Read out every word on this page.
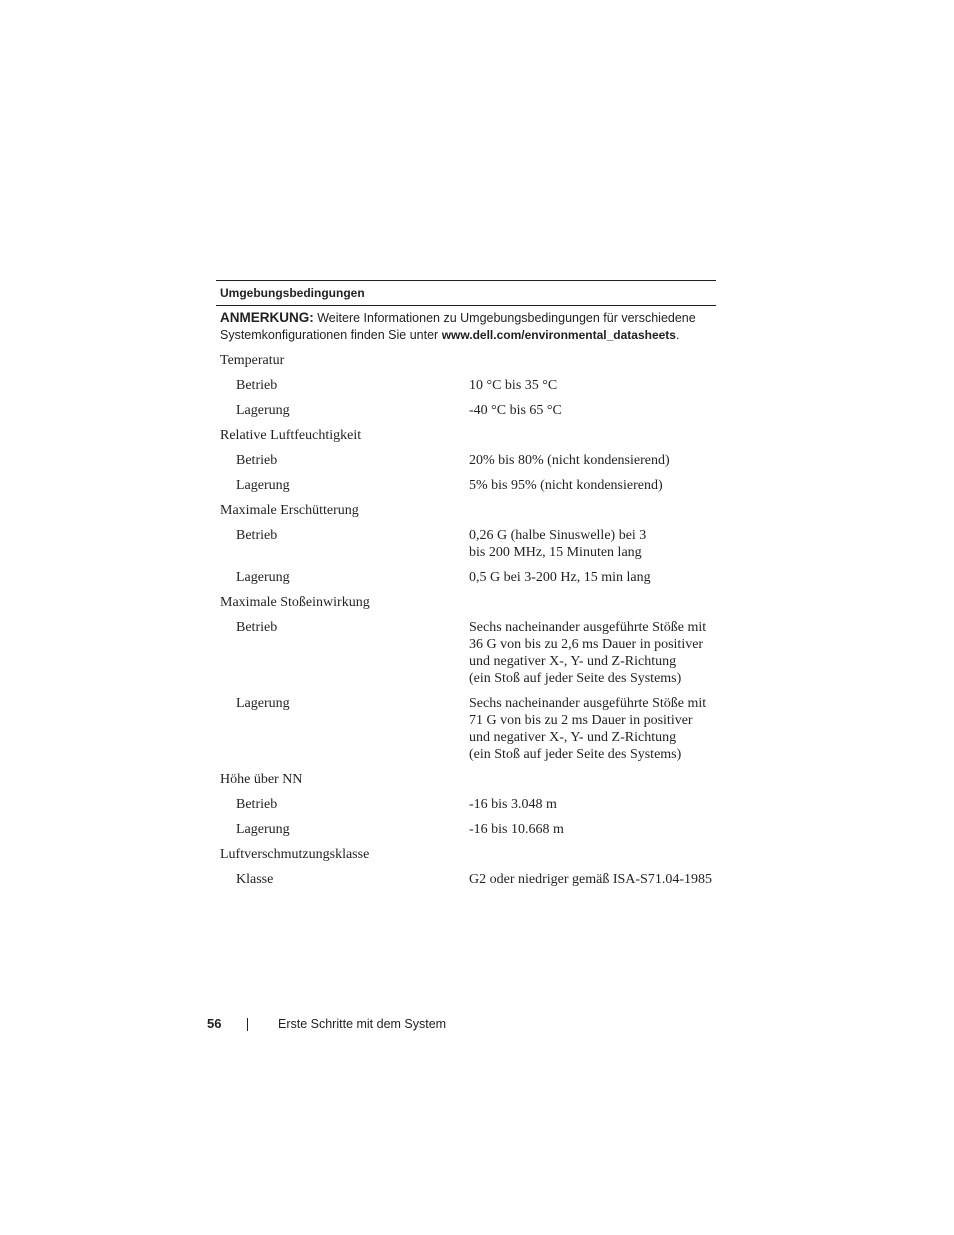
Umgebungsbedingungen
ANMERKUNG: Weitere Informationen zu Umgebungsbedingungen für verschiedene Systemkonfigurationen finden Sie unter www.dell.com/environmental_datasheets.
Temperatur
Betrieb	10 °C bis 35 °C
Lagerung	-40 °C bis 65 °C
Relative Luftfeuchtigkeit
Betrieb	20% bis 80% (nicht kondensierend)
Lagerung	5% bis 95% (nicht kondensierend)
Maximale Erschütterung
Betrieb	0,26 G (halbe Sinuswelle) bei 3
bis 200 MHz, 15 Minuten lang
Lagerung	0,5 G bei 3-200 Hz, 15 min lang
Maximale Stoßeinwirkung
Betrieb	Sechs nacheinander ausgeführte Stöße mit
36 G von bis zu 2,6 ms Dauer in positiver
und negativer X-, Y- und Z-Richtung
(ein Stoß auf jeder Seite des Systems)
Lagerung	Sechs nacheinander ausgeführte Stöße mit
71 G von bis zu 2 ms Dauer in positiver
und negativer X-, Y- und Z-Richtung
(ein Stoß auf jeder Seite des Systems)
Höhe über NN
Betrieb	-16 bis 3.048 m
Lagerung	-16 bis 10.668 m
Luftverschmutzungsklasse
Klasse	G2 oder niedriger gemäß ISA-S71.04-1985
56	Erste Schritte mit dem System
